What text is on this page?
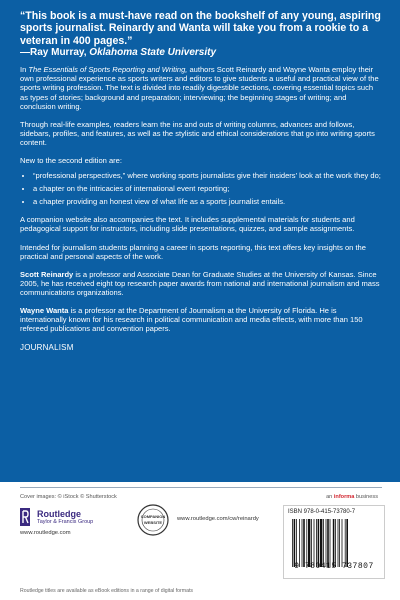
“This book is a must-have read on the bookshelf of any young, aspiring sports journalist. Reinardy and Wanta will take you from a rookie to a veteran in 400 pages.”

—Ray Murray, Oklahoma State University

In The Essentials of Sports Reporting and Writing, authors Scott Reinardy and Wayne Wanta employ their own professional experience as sports writers and editors to give students a useful and practical view of the sports writing profession. The text is divided into readily digestible sections, covering essential topics such as types of stories; background and preparation; interviewing; the beginning stages of writing; and conclusion writing.

Through real-life examples, readers learn the ins and outs of writing columns, advances and follows, sidebars, profiles, and features, as well as the stylistic and ethical considerations that go into writing sports content.

New to the second edition are:

• “professional perspectives,” where working sports journalists give their insiders’ look at the work they do;
• a chapter on the intricacies of international event reporting;
• a chapter providing an honest view of what life as a sports journalist entails.

A companion website also accompanies the text. It includes supplemental materials for students and pedagogical support for instructors, including slide presentations, quizzes, and sample assignments.

Intended for journalism students planning a career in sports reporting, this text offers key insights on the practical and personal aspects of the work.

Scott Reinardy is a professor and Associate Dean for Graduate Studies at the University of Kansas. Since 2005, he has received eight top research paper awards from national and international journalism and mass communications organizations.

Wayne Wanta is a professor at the Department of Journalism at the University of Florida. He is internationally known for his research in political communication and media effects, with more than 150 refereed publications and convention papers.

JOURNALISM
Cover images: © iStock © Shutterstock	an informa business
Routledge
Taylor & Francis Group
www.routledge.com
COMPANION
WEBSITE
www.routledge.com/cw/reinardy
ISBN 978-0-415-73780-7
9 780415 737807
Routledge titles are available as eBook editions in a range of digital formats
